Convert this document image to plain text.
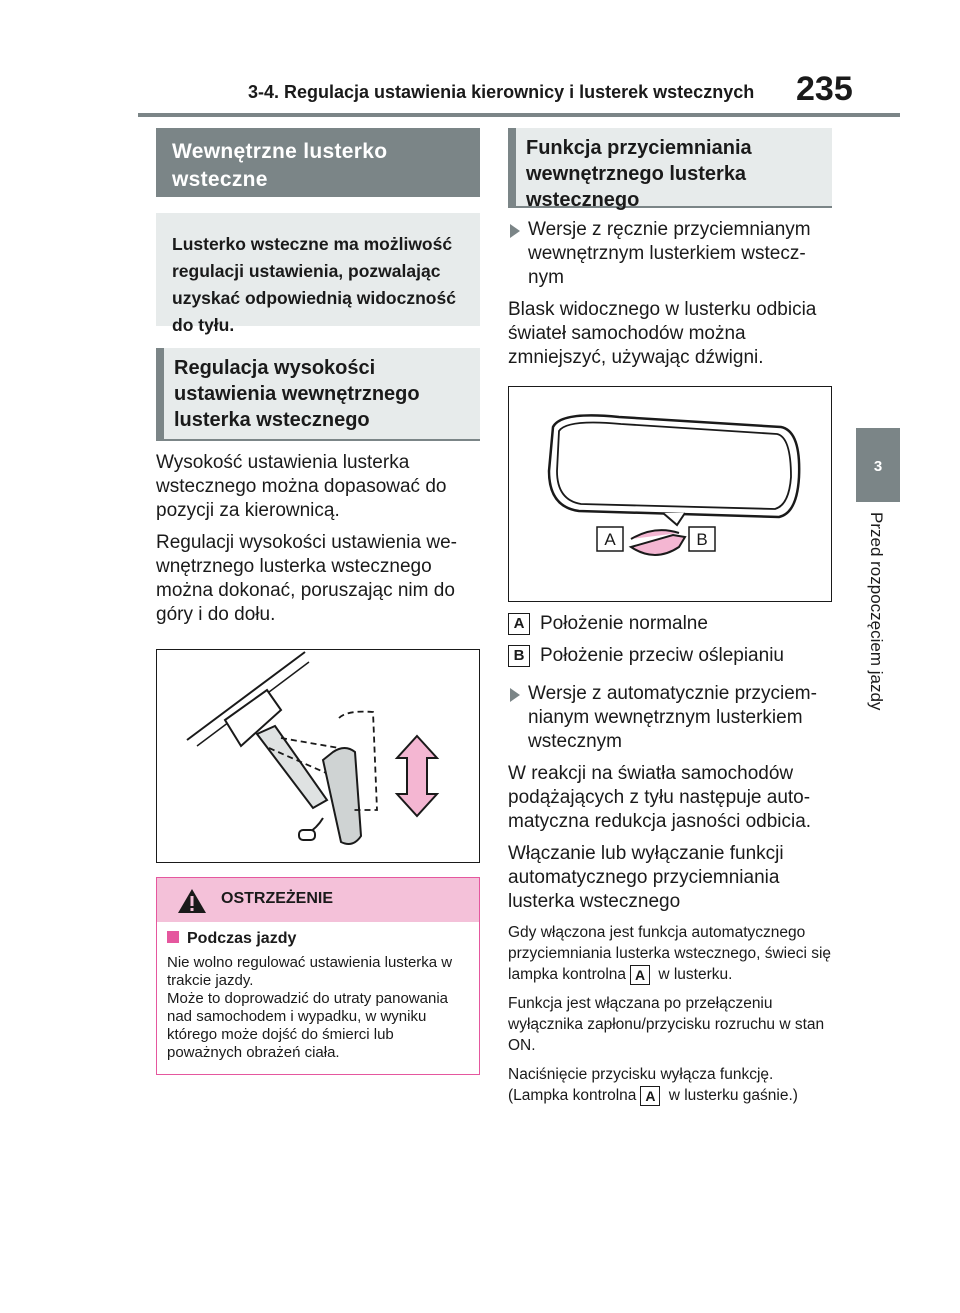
3-4. Regulacja ustawienia kierownicy i lusterek wstecznych 235
3
Przed rozpoczęciem jazdy
Wewnętrzne lusterko wsteczne
Lusterko wsteczne ma możliwość regulacji ustawienia, pozwalając uzyskać odpowiednią widoczność do tyłu.
Regulacja wysokości ustawienia wewnętrznego lusterka wstecznego
Wysokość ustawienia lusterka wstecznego można dopasować do pozycji za kierownicą.
Regulacji wysokości ustawienia wewnętrznego lusterka wstecznego można dokonać, poruszając nim do góry i do dołu.
OSTRZEŻENIE
Podczas jazdy
Nie wolno regulować ustawienia lusterka w trakcie jazdy.
Może to doprowadzić do utraty panowania nad samochodem i wypadku, w wyniku którego może dojść do śmierci lub poważnych obrażeń ciała.
Funkcja przyciemniania wewnętrznego lusterka wstecznego
Wersje z ręcznie przyciemnianym wewnętrznym lusterkiem wstecznym
Blask widocznego w lusterku odbicia świateł samochodów można zmniejszyć, używając dźwigni.
A	B
A Położenie normalne
B Położenie przeciw oślepianiu
Wersje z automatycznie przyciemnianym wewnętrznym lusterkiem wstecznym
W reakcji na światła samochodów podążających z tyłu następuje automatyczna redukcja jasności odbicia.
Włączanie lub wyłączanie funkcji automatycznego przyciemniania lusterka wstecznego
Gdy włączona jest funkcja automatycznego przyciemniania lusterka wstecznego, świeci się lampka kontrolna A w lusterku.
Funkcja jest włączana po przełączeniu wyłącznika zapłonu/przycisku rozruchu w stan ON.
Naciśnięcie przycisku wyłącza funkcję. (Lampka kontrolna A w lusterku gaśnie.)
